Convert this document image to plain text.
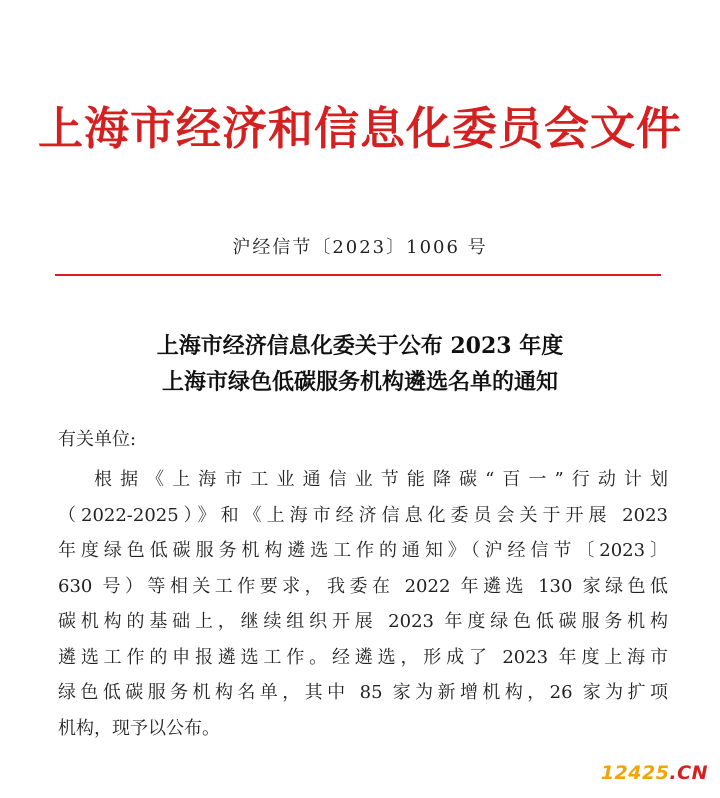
上海市经济和信息化委员会文件
沪经信节〔2023〕1006 号
上海市经济信息化委关于公布 2023 年度
上海市绿色低碳服务机构遴选名单的通知
有关单位:
根据《上海市工业通信业节能降碳“百一”行动计划
（2022-2025）》和《上海市经济信息化委员会关于开展 2023
年度绿色低碳服务机构遴选工作的通知》（沪经信节〔2023〕
630 号）等相关工作要求，我委在 2022 年遴选 130 家绿色低
碳机构的基础上，继续组织开展 2023 年度绿色低碳服务机构
遴选工作的申报遴选工作。经遴选，形成了 2023 年度上海市
绿色低碳服务机构名单，其中 85 家为新增机构，26 家为扩项
机构，现予以公布。
12425.CN
